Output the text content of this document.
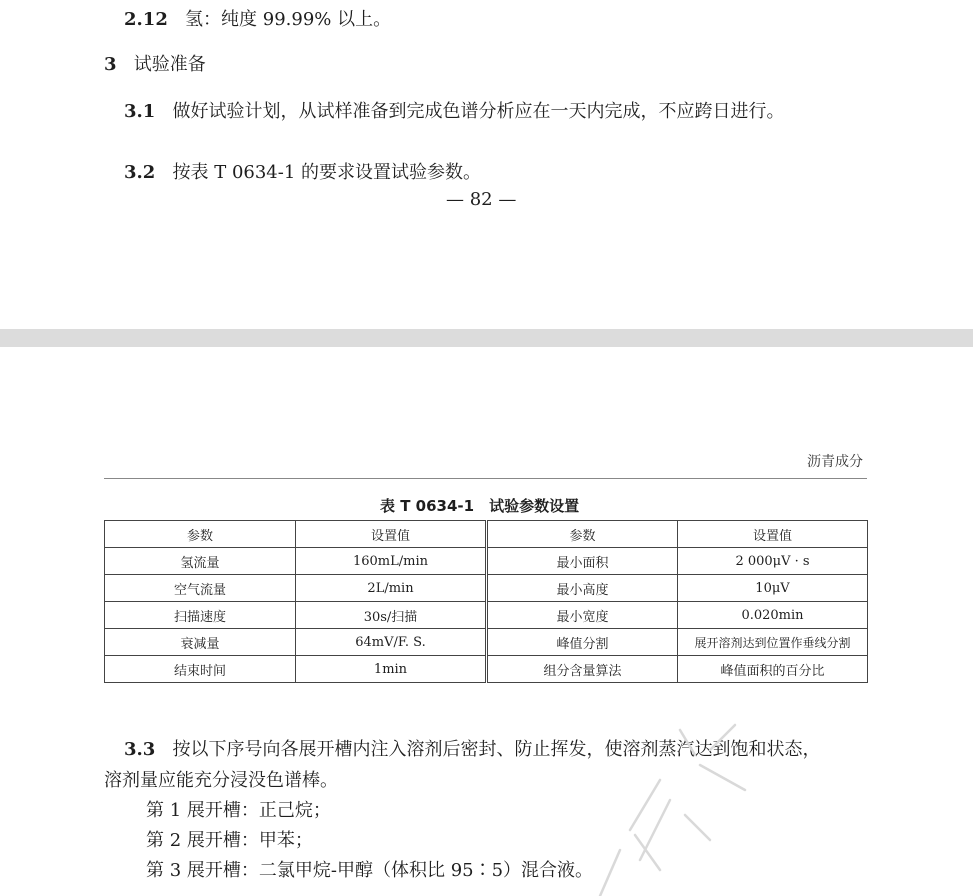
2.12 氢：纯度 99.99% 以上。
3 试验准备
3.1 做好试验计划，从试样准备到完成色谱分析应在一天内完成，不应跨日进行。
3.2 按表 T 0634-1 的要求设置试验参数。
— 82 —
沥青成分
表 T 0634-1　试验参数设置
参数	设置值	参数	设置值
氢流量	160mL/min	最小面积	2 000μV · s
空气流量	2L/min	最小高度	10μV
扫描速度	30s/扫描	最小宽度	0.020min
衰减量	64mV/F. S.	峰值分割	展开溶剂达到位置作垂线分割
结束时间	1min	组分含量算法	峰值面积的百分比
3.3 按以下序号向各展开槽内注入溶剂后密封、防止挥发，使溶剂蒸汽达到饱和状态，
溶剂量应能充分浸没色谱棒。
第 1 展开槽：正己烷；
第 2 展开槽：甲苯；
第 3 展开槽：二氯甲烷-甲醇（体积比 95∶5）混合液。
